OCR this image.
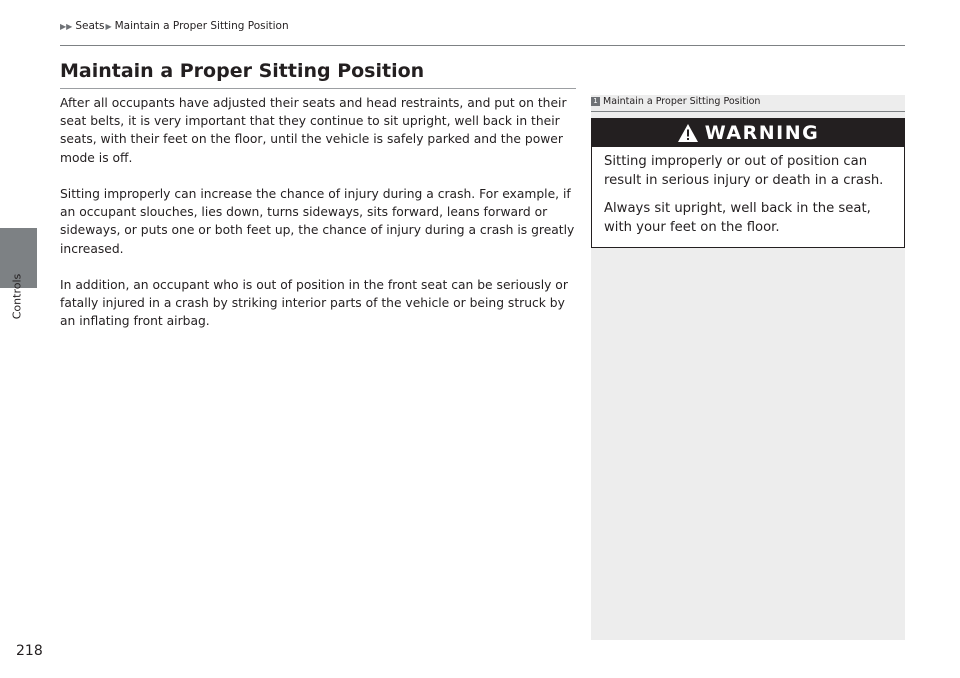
Controls
▶▶ Seats ▶ Maintain a Proper Sitting Position
Maintain a Proper Sitting Position

After all occupants have adjusted their seats and head restraints, and put on their seat belts, it is very important that they continue to sit upright, well back in their seats, with their feet on the floor, until the vehicle is safely parked and the power mode is off.

Sitting improperly can increase the chance of injury during a crash. For example, if an occupant slouches, lies down, turns sideways, sits forward, leans forward or sideways, or puts one or both feet up, the chance of injury during a crash is greatly increased.

In addition, an occupant who is out of position in the front seat can be seriously or fatally injured in a crash by striking interior parts of the vehicle or being struck by an inflating front airbag.

1 Maintain a Proper Sitting Position
WARNING

Sitting improperly or out of position can result in serious injury or death in a crash.

Always sit upright, well back in the seat, with your feet on the floor.

218
